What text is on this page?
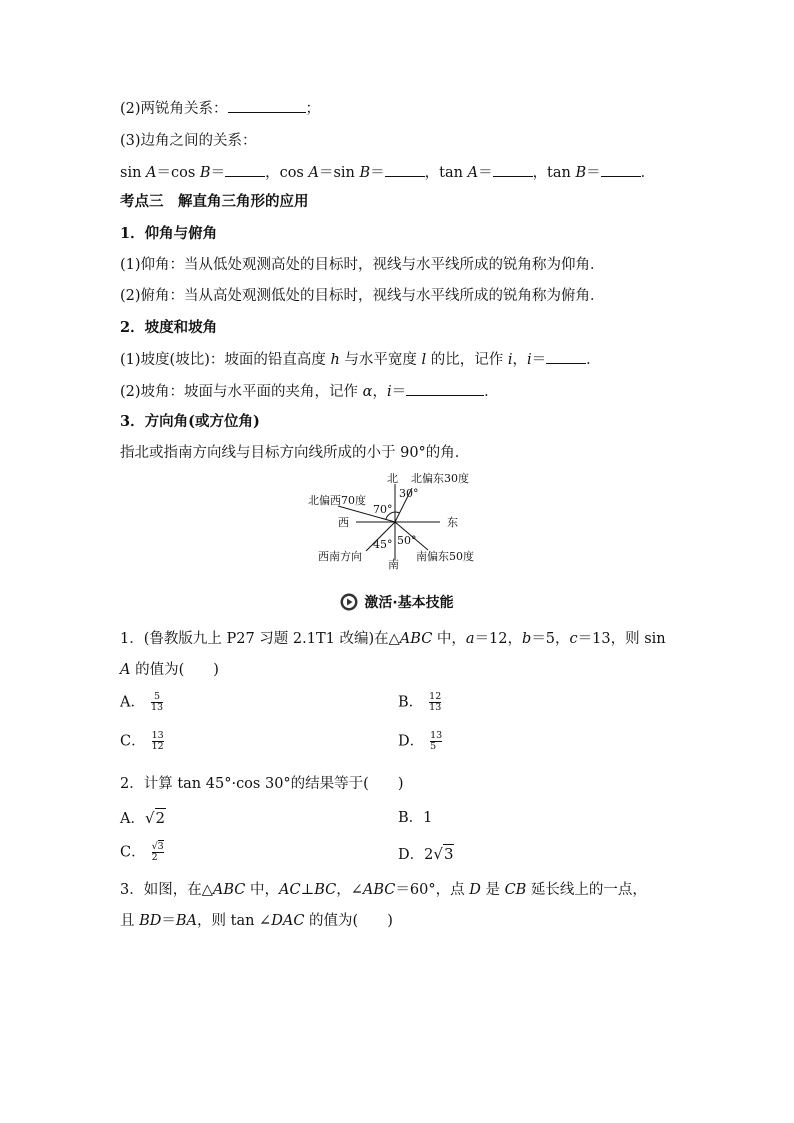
(2)两锐角关系：	；
(3)边角之间的关系：
sin A＝cos B＝	，cos A＝sin B＝	，tan A＝	，tan B＝	．
考点三　解直角三角形的应用
1．仰角与俯角
(1)仰角：当从低处观测高处的目标时，视线与水平线所成的锐角称为仰角．
(2)俯角：当从高处观测低处的目标时，视线与水平线所成的锐角称为俯角．
2．坡度和坡角
(1)坡度(坡比)：坡面的铅直高度 h 与水平宽度 l 的比，记作 i，i＝	．
(2)坡角：坡面与水平面的夹角，记作 α，i＝	．
3．方向角(或方位角)
指北或指南方向线与目标方向线所成的小于 90°的角．
北 北偏东30度
30°
北偏西70度
70°
西	东
50°
45°
西南方向	南偏东50度
南
激活·基本技能
1．(鲁教版九上 P27 习题 2.1T1 改编)在△ABC 中，a＝12，b＝5，c＝13，则 sin
A 的值为(　　)
A． $\frac{5}{13}$	B． $\frac{12}{13}$
C． $\frac{13}{12}$	D． $\frac{13}{5}$
2．计算 tan 45°·cos 30°的结果等于(　　)
A．√2	B．1
C． $\frac{√3}{2}$	D．2√3
3．如图，在△ABC 中，AC⊥BC，∠ABC＝60°，点 D 是 CB 延长线上的一点，
且 BD＝BA，则 tan ∠DAC 的值为(　　)
